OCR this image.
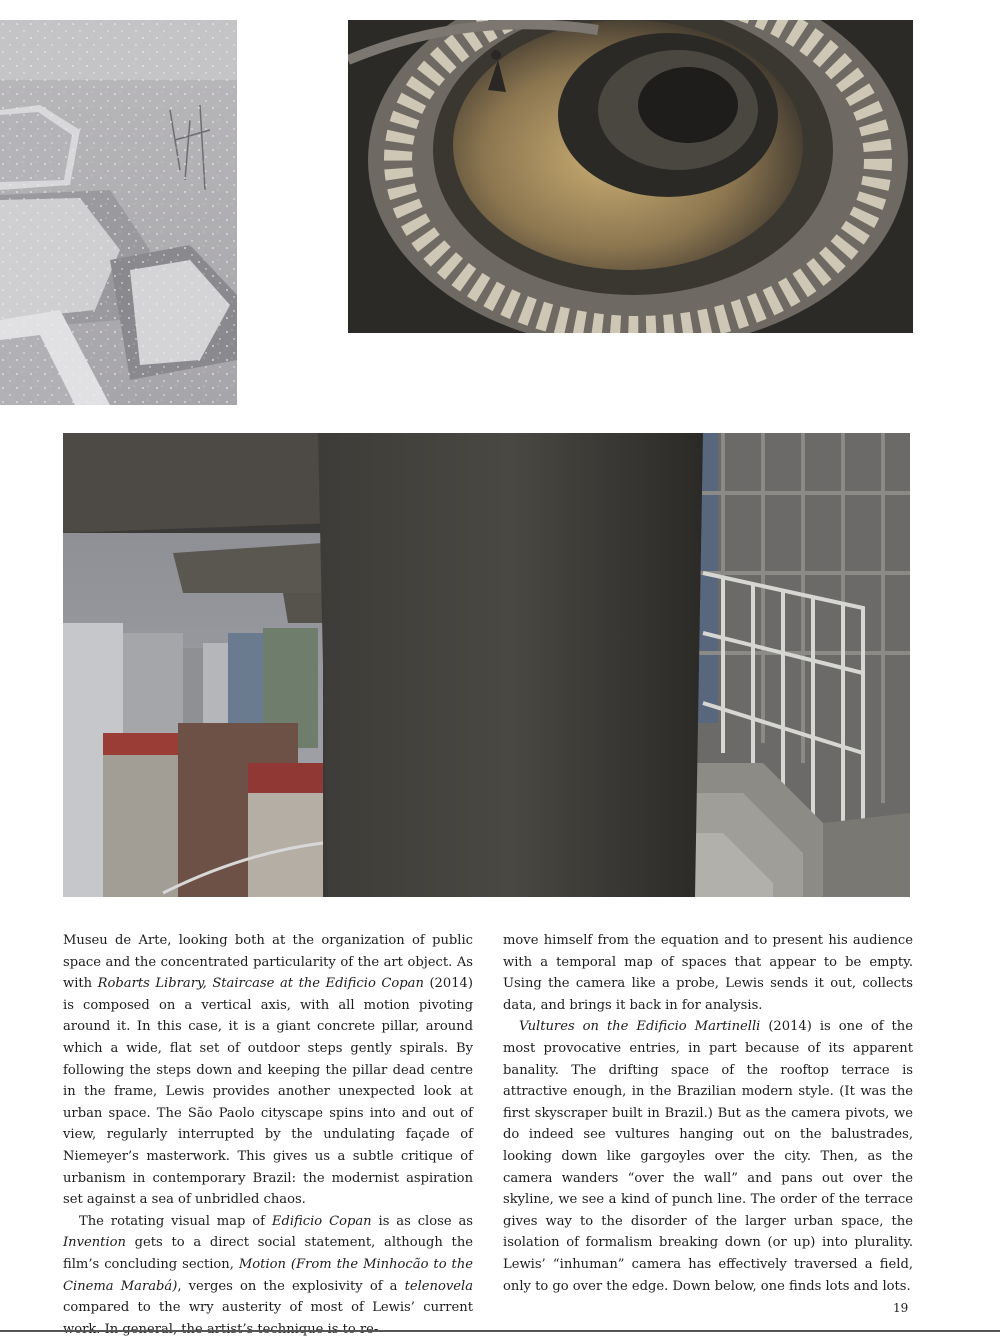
Museu de Arte, looking both at the organization of public space and the concentrated particularity of the art object. As with Robarts Library, Staircase at the Edificio Copan (2014) is composed on a vertical axis, with all motion pivoting around it. In this case, it is a giant concrete pillar, around which a wide, flat set of outdoor steps gently spirals. By following the steps down and keeping the pillar dead centre in the frame, Lewis provides another unexpected look at urban space. The São Paolo cityscape spins into and out of view, regularly interrupted by the undulating façade of Niemeyer’s masterwork. This gives us a subtle critique of urbanism in contemporary Brazil: the modernist aspiration set against a sea of unbridled chaos.

The rotating visual map of Edificio Copan is as close as Invention gets to a direct social statement, although the film’s concluding section, Motion (From the Minhocão to the Cinema Marabá), verges on the explosivity of a telenovela compared to the wry austerity of most of Lewis’ current

move himself from the equation and to present his audience with a temporal map of spaces that appear to be empty. Using the camera like a probe, Lewis sends it out, collects data, and brings it back in for analysis.

Vultures on the Edificio Martinelli (2014) is one of the most provocative entries, in part because of its apparent banality. The drifting space of the rooftop terrace is attractive enough, in the Brazilian modern style. (It was the first skyscraper built in Brazil.) But as the camera pivots, we do indeed see vultures hanging out on the balustrades, looking down like gargoyles over the city. Then, as the camera wanders “over the wall” and pans out over the skyline, we see a kind of punch line. The order of the terrace gives way to the disorder of the larger urban space, the isolation of formalism breaking down (or up) into plurality. Lewis’ “inhuman” camera has effectively traversed a field, only to go over the edge. Down below, one finds lots and lots.

19
